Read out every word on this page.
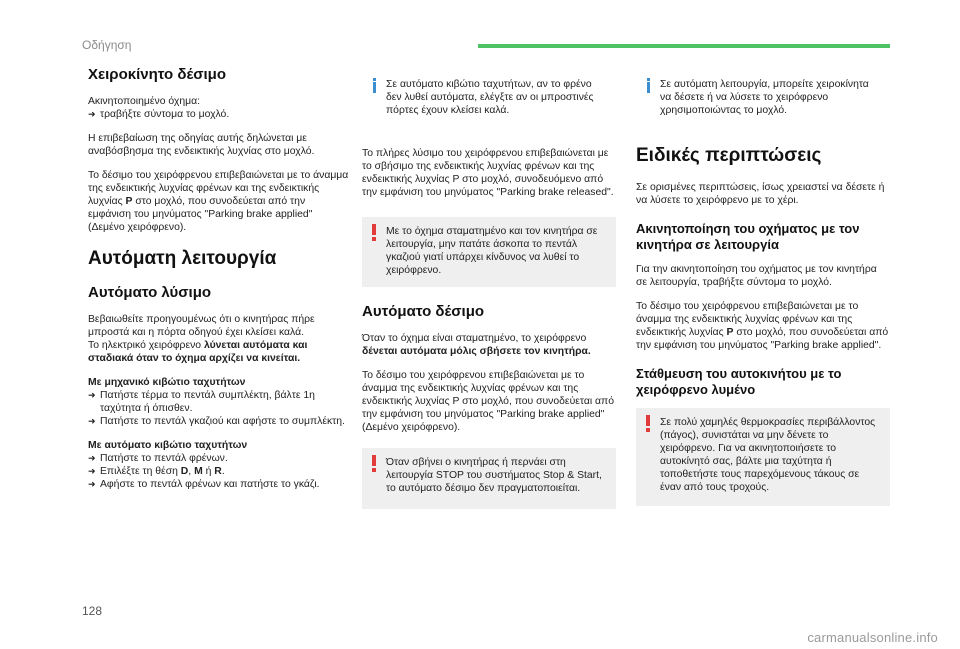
Οδήγηση
Χειροκίνητο δέσιμο

Ακινητοποιημένο όχημα:

➜ τραβήξτε σύντομα το μοχλό.

Η επιβεβαίωση της οδηγίας αυτής δηλώνεται με αναβόσβησμα της ενδεικτικής λυχνίας στο μοχλό.

Το δέσιμο του χειρόφρενου επιβεβαιώνεται με το άναμμα της ενδεικτικής λυχνίας φρένων και της ενδεικτικής λυχνίας P στο μοχλό, που συνοδεύεται από την εμφάνιση του μηνύματος "Parking brake applied" (Δεμένο χειρόφρενο).

Αυτόματη λειτουργία
Αυτόματο λύσιμο

Βεβαιωθείτε προηγουμένως ότι ο κινητήρας πήρε μπροστά και η πόρτα οδηγού έχει κλείσει καλά.
Το ηλεκτρικό χειρόφρενο λύνεται αυτόματα και σταδιακά όταν το όχημα αρχίζει να κινείται.

Με μηχανικό κιβώτιο ταχυτήτων

➜ Πατήστε τέρμα το πεντάλ συμπλέκτη, βάλτε 1η ταχύτητα ή όπισθεν.
➜ Πατήστε το πεντάλ γκαζιού και αφήστε το συμπλέκτη.

Με αυτόματο κιβώτιο ταχυτήτων

➜ Πατήστε το πεντάλ φρένων.
➜ Επιλέξτε τη θέση D, M ή R.
➜ Αφήστε το πεντάλ φρένων και πατήστε το γκάζι.

Σε αυτόματο κιβώτιο ταχυτήτων, αν το φρένο δεν λυθεί αυτόματα, ελέγξτε αν οι μπροστινές πόρτες έχουν κλείσει καλά.

Το πλήρες λύσιμο του χειρόφρενου επιβεβαιώνεται με το σβήσιμο της ενδεικτικής λυχνίας φρένων και της ενδεικτικής λυχνίας P στο μοχλό, συνοδευόμενο από την εμφάνιση του μηνύματος "Parking brake released".

Με το όχημα σταματημένο και τον κινητήρα σε λειτουργία, μην πατάτε άσκοπα το πεντάλ γκαζιού γιατί υπάρχει κίνδυνος να λυθεί το χειρόφρενο.

Αυτόματο δέσιμο

Όταν το όχημα είναι σταματημένο, το χειρόφρενο δένεται αυτόματα μόλις σβήσετε τον κινητήρα.

Το δέσιμο του χειρόφρενου επιβεβαιώνεται με το άναμμα της ενδεικτικής λυχνίας φρένων και της ενδεικτικής λυχνίας P στο μοχλό, που συνοδεύεται από την εμφάνιση του μηνύματος "Parking brake applied" (Δεμένο χειρόφρενο).

Όταν σβήνει ο κινητήρας ή περνάει στη λειτουργία STOP του συστήματος Stop & Start, το αυτόματο δέσιμο δεν πραγματοποιείται.

Σε αυτόματη λειτουργία, μπορείτε χειροκίνητα να δέσετε ή να λύσετε το χειρόφρενο χρησιμοποιώντας το μοχλό.

Ειδικές περιπτώσεις

Σε ορισμένες περιπτώσεις, ίσως χρειαστεί να δέσετε ή να λύσετε το χειρόφρενο με το χέρι.

Ακινητοποίηση του οχήματος με τον κινητήρα σε λειτουργία

Για την ακινητοποίηση του οχήματος με τον κινητήρα σε λειτουργία, τραβήξτε σύντομα το μοχλό.

Το δέσιμο του χειρόφρενου επιβεβαιώνεται με το άναμμα της ενδεικτικής λυχνίας φρένων και της ενδεικτικής λυχνίας P στο μοχλό, που συνοδεύεται από την εμφάνιση του μηνύματος "Parking brake applied".

Στάθμευση του αυτοκινήτου με το χειρόφρενο λυμένο

Σε πολύ χαμηλές θερμοκρασίες περιβάλλοντος (πάγος), συνιστάται να μην δένετε το χειρόφρενο. Για να ακινητοποιήσετε το αυτοκίνητό σας, βάλτε μια ταχύτητα ή τοποθετήστε τους παρεχόμενους τάκους σε έναν από τους τροχούς.

128
carmanualsonline.info
